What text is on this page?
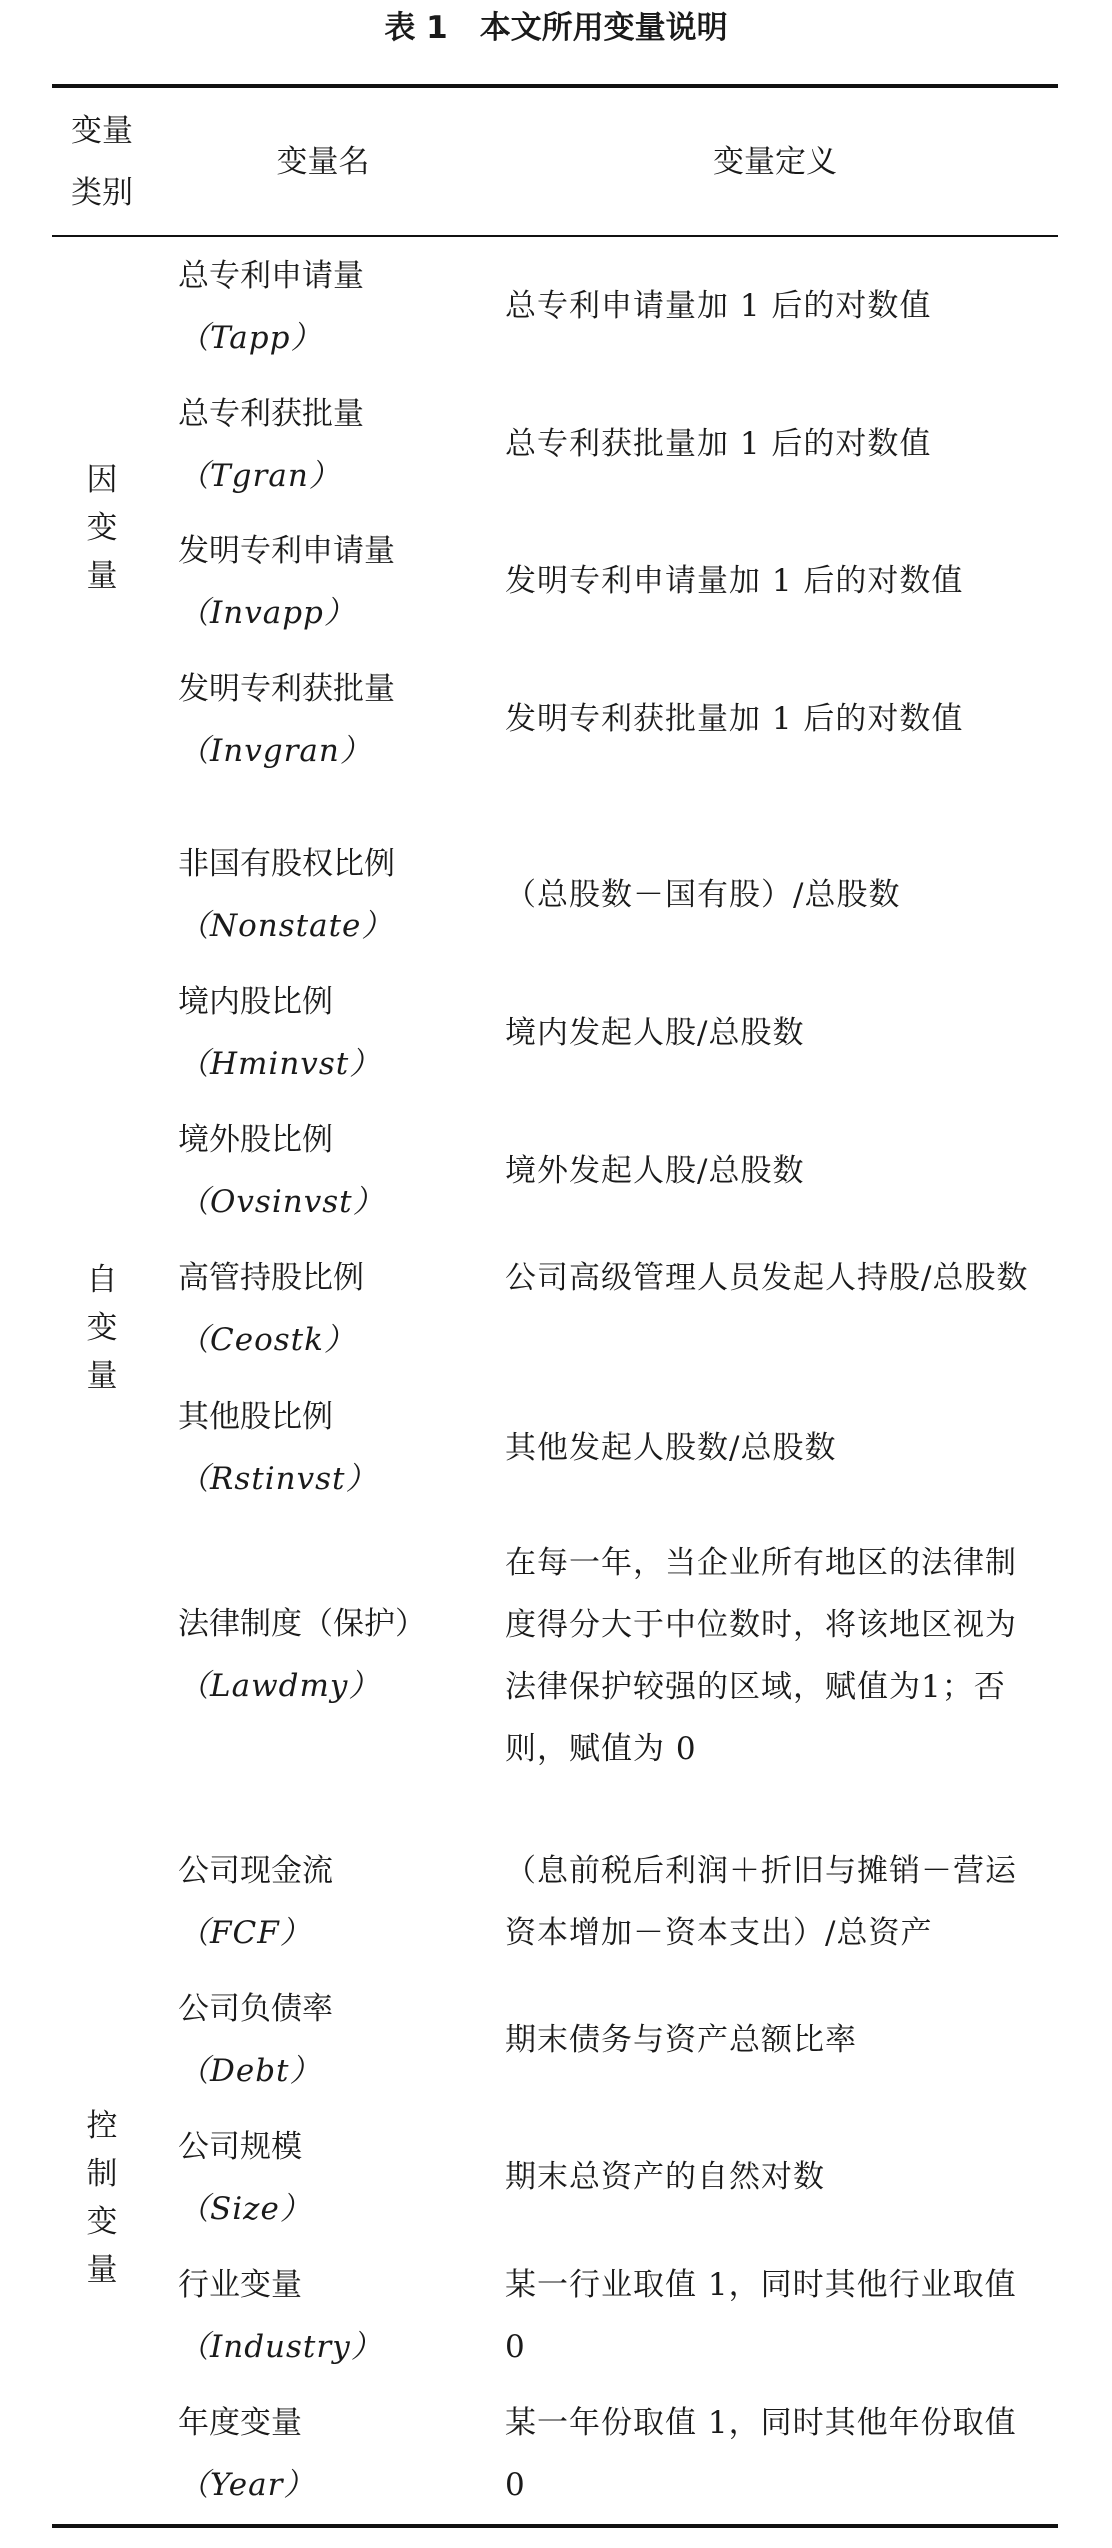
表 1 本文所用变量说明
变量
类别
变量名	变量定义
因
变
量
自
变
量
控
制
变
量
总专利申请量
（Tapp）
总专利申请量加 1 后的对数值
总专利获批量
（Tgran）
总专利获批量加 1 后的对数值
发明专利申请量
（Invapp）
发明专利申请量加 1 后的对数值
发明专利获批量
（Invgran）
发明专利获批量加 1 后的对数值
非国有股权比例
（Nonstate）
（总股数－国有股）/总股数
境内股比例
（Hminvst）
境内发起人股/总股数
境外股比例
（Ovsinvst）
境外发起人股/总股数
高管持股比例
（Ceostk）
公司高级管理人员发起人持股/总股数
其他股比例
（Rstinvst）
其他发起人股数/总股数
法律制度（保护）
（Lawdmy）
在每一年，当企业所有地区的法律制度得分大于中位数时，将该地区视为法律保护较强的区域，赋值为1；否则，赋值为 0
公司现金流
（FCF）
（息前税后利润＋折旧与摊销－营运资本增加－资本支出）/总资产
公司负债率
（Debt）
期末债务与资产总额比率
公司规模
（Size）
期末总资产的自然对数
行业变量
（Industry）
某一行业取值 1，同时其他行业取值 0
年度变量
（Year）
某一年份取值 1，同时其他年份取值 0
